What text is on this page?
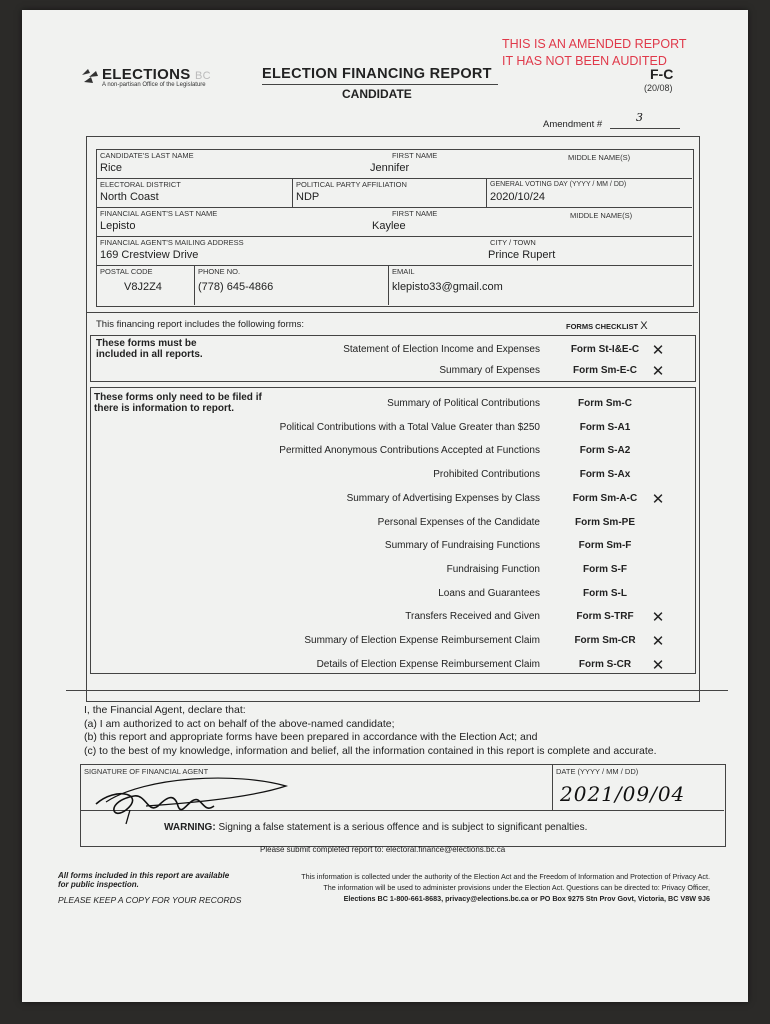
THIS IS AN AMENDED REPORT
IT HAS NOT BEEN AUDITED
ELECTIONS BC
A non-partisan Office of the Legislature
ELECTION FINANCING REPORT
CANDIDATE
F-C
(20/08)
Amendment #
3
CANDIDATE'S LAST NAME
Rice
FIRST NAME
Jennifer
MIDDLE NAME(S)
ELECTORAL DISTRICT
North Coast
POLITICAL PARTY AFFILIATION
NDP
GENERAL VOTING DAY (YYYY / MM / DD)
2020/10/24
FINANCIAL AGENT'S LAST NAME
Lepisto
FIRST NAME
Kaylee
MIDDLE NAME(S)
FINANCIAL AGENT'S MAILING ADDRESS
169 Crestview Drive
CITY / TOWN
Prince Rupert
POSTAL CODE
V8J2Z4
PHONE NO.
(778) 645-4866
EMAIL
klepisto33@gmail.com
This financing report includes the following forms:	FORMS CHECKLIST X
These forms must be included in all reports.	Statement of Election Income and Expenses	Form St-I&E-C ✕
Summary of Expenses	Form Sm-E-C ✕
These forms only need to be filed if there is information to report.	Summary of Political Contributions	Form Sm-C
Political Contributions with a Total Value Greater than $250	Form S-A1
Permitted Anonymous Contributions Accepted at Functions	Form S-A2
Prohibited Contributions	Form S-Ax
Summary of Advertising Expenses by Class	Form Sm-A-C ✕
Personal Expenses of the Candidate	Form Sm-PE
Summary of Fundraising Functions	Form Sm-F
Fundraising Function	Form S-F
Loans and Guarantees	Form S-L
Transfers Received and Given	Form S-TRF	✕
Summary of Election Expense Reimbursement Claim	Form Sm-CR	✕
Details of Election Expense Reimbursement Claim	Form S-CR	✕
I, the Financial Agent, declare that:
(a) I am authorized to act on behalf of the above-named candidate;
(b) this report and appropriate forms have been prepared in accordance with the Election Act; and
(c) to the best of my knowledge, information and belief, all the information contained in this report is complete and accurate.
SIGNATURE OF FINANCIAL AGENT	DATE (YYYY / MM / DD)
2021/09/04
WARNING: Signing a false statement is a serious offence and is subject to significant penalties.
Please submit completed report to: electoral.finance@elections.bc.ca
All forms included in this report are available
for public inspection.
PLEASE KEEP A COPY FOR YOUR RECORDS
This information is collected under the authority of the Election Act and the Freedom of Information and Protection of Privacy Act.
The information will be used to administer provisions under the Election Act. Questions can be directed to: Privacy Officer,
Elections BC 1-800-661-8683, privacy@elections.bc.ca or PO Box 9275 Stn Prov Govt, Victoria, BC V8W 9J6
